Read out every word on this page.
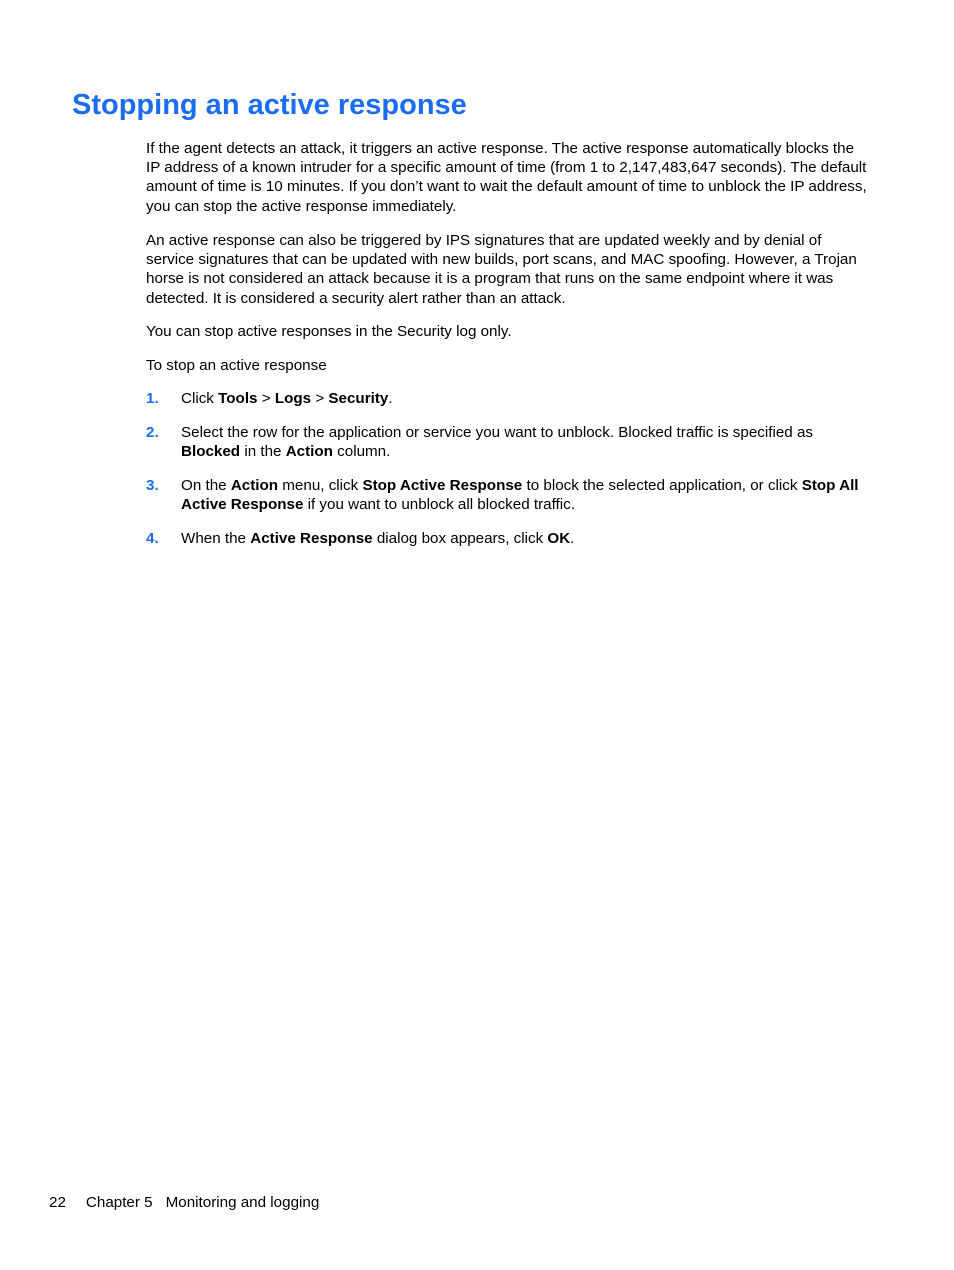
Stopping an active response

If the agent detects an attack, it triggers an active response. The active response automatically blocks the IP address of a known intruder for a specific amount of time (from 1 to 2,147,483,647 seconds). The default amount of time is 10 minutes. If you don’t want to wait the default amount of time to unblock the IP address, you can stop the active response immediately.

An active response can also be triggered by IPS signatures that are updated weekly and by denial of service signatures that can be updated with new builds, port scans, and MAC spoofing. However, a Trojan horse is not considered an attack because it is a program that runs on the same endpoint where it was detected. It is considered a security alert rather than an attack.

You can stop active responses in the Security log only.

To stop an active response

1. Click Tools > Logs > Security.
2. Select the row for the application or service you want to unblock. Blocked traffic is specified as Blocked in the Action column.
3. On the Action menu, click Stop Active Response to block the selected application, or click Stop All Active Response if you want to unblock all blocked traffic.
4. When the Active Response dialog box appears, click OK.
22 Chapter 5 Monitoring and logging
